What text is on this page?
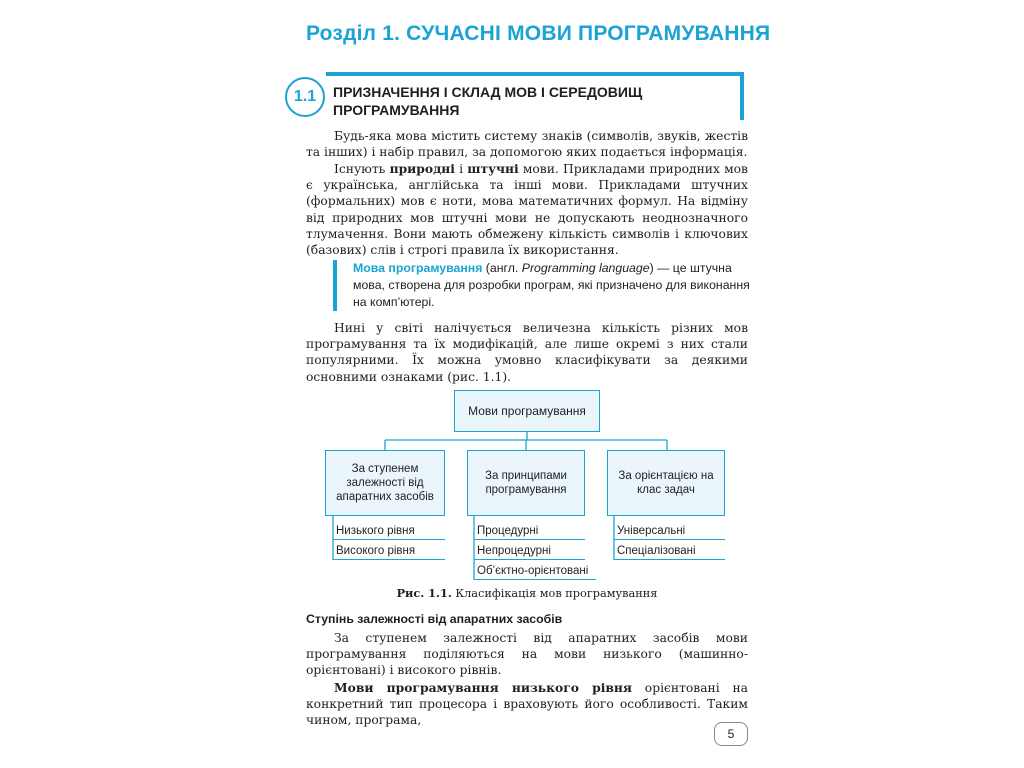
Розділ 1. СУЧАСНІ МОВИ ПРОГРАМУВАННЯ
1.1	ПРИЗНАЧЕННЯ І СКЛАД МОВ І СЕРЕДОВИЩ ПРОГРАМУВАННЯ
Будь-яка мова містить систему знаків (символів, звуків, жестів та інших) і набір правил, за допомогою яких подається інформація.
Існують природні і штучні мови. Прикладами природних мов є українська, англійська та інші мови. Прикладами штучних (формальних) мов є ноти, мова математичних формул. На відміну від природних мов штучні мови не допускають неоднозначного тлумачення. Вони мають обмежену кількість символів і ключових (базових) слів і строгі правила їх використання.
Мова програмування (англ. Programming language) — це штучна мова, створена для розробки програм, які призначено для виконання на комп’ютері.
Нині у світі налічується величезна кількість різних мов програмування та їх модифікацій, але лише окремі з них стали популярними. Їх можна умовно класифікувати за деякими основними ознаками (рис. 1.1).
Мови програмування
За ступенем залежності від апаратних засобів
За принципами програмування
За орієнтацією на клас задач
Низького рівня
Високого рівня
Процедурні
Непроцедурні
Об’єктно-орієнтовані
Універсальні
Спеціалізовані
Рис. 1.1. Класифікація мов програмування
Ступінь залежності від апаратних засобів
За ступенем залежності від апаратних засобів мови програмування поділяються на мови низького (машинно-орієнтовані) і високого рівнів.
Мови програмування низького рівня орієнтовані на конкретний тип процесора і враховують його особливості. Таким чином, програма,
5
